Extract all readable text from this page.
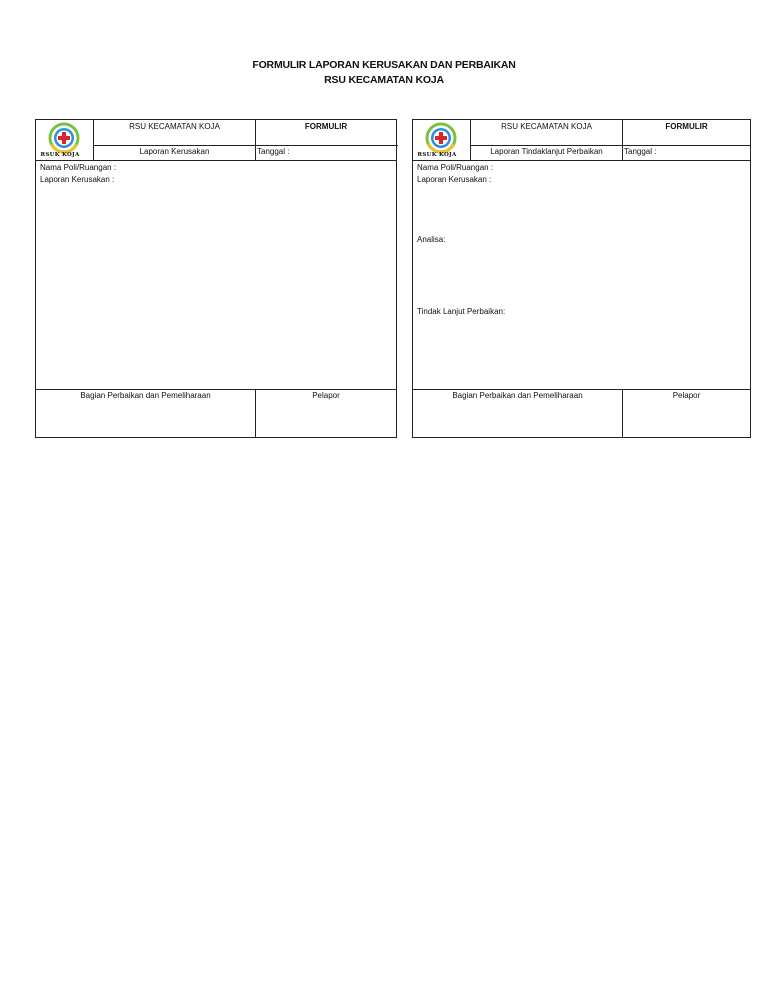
FORMULIR LAPORAN KERUSAKAN DAN PERBAIKAN
RSU KECAMATAN KOJA
RSUK KOJA
RSU KECAMATAN KOJA	FORMULIR
Laporan Kerusakan	Tanggal :
Nama Poli/Ruangan :
Laporan Kerusakan :
Bagian Perbaikan dan Pemeliharaan	Pelapor
RSUK KOJA
RSU KECAMATAN KOJA	FORMULIR
Laporan Tindaklanjut Perbaikan	Tanggal :
Nama Poli/Ruangan :
Laporan Kerusakan :
Analisa:
Tindak Lanjut Perbaikan:
Bagian Perbaikan dan Pemeliharaan	Pelapor
